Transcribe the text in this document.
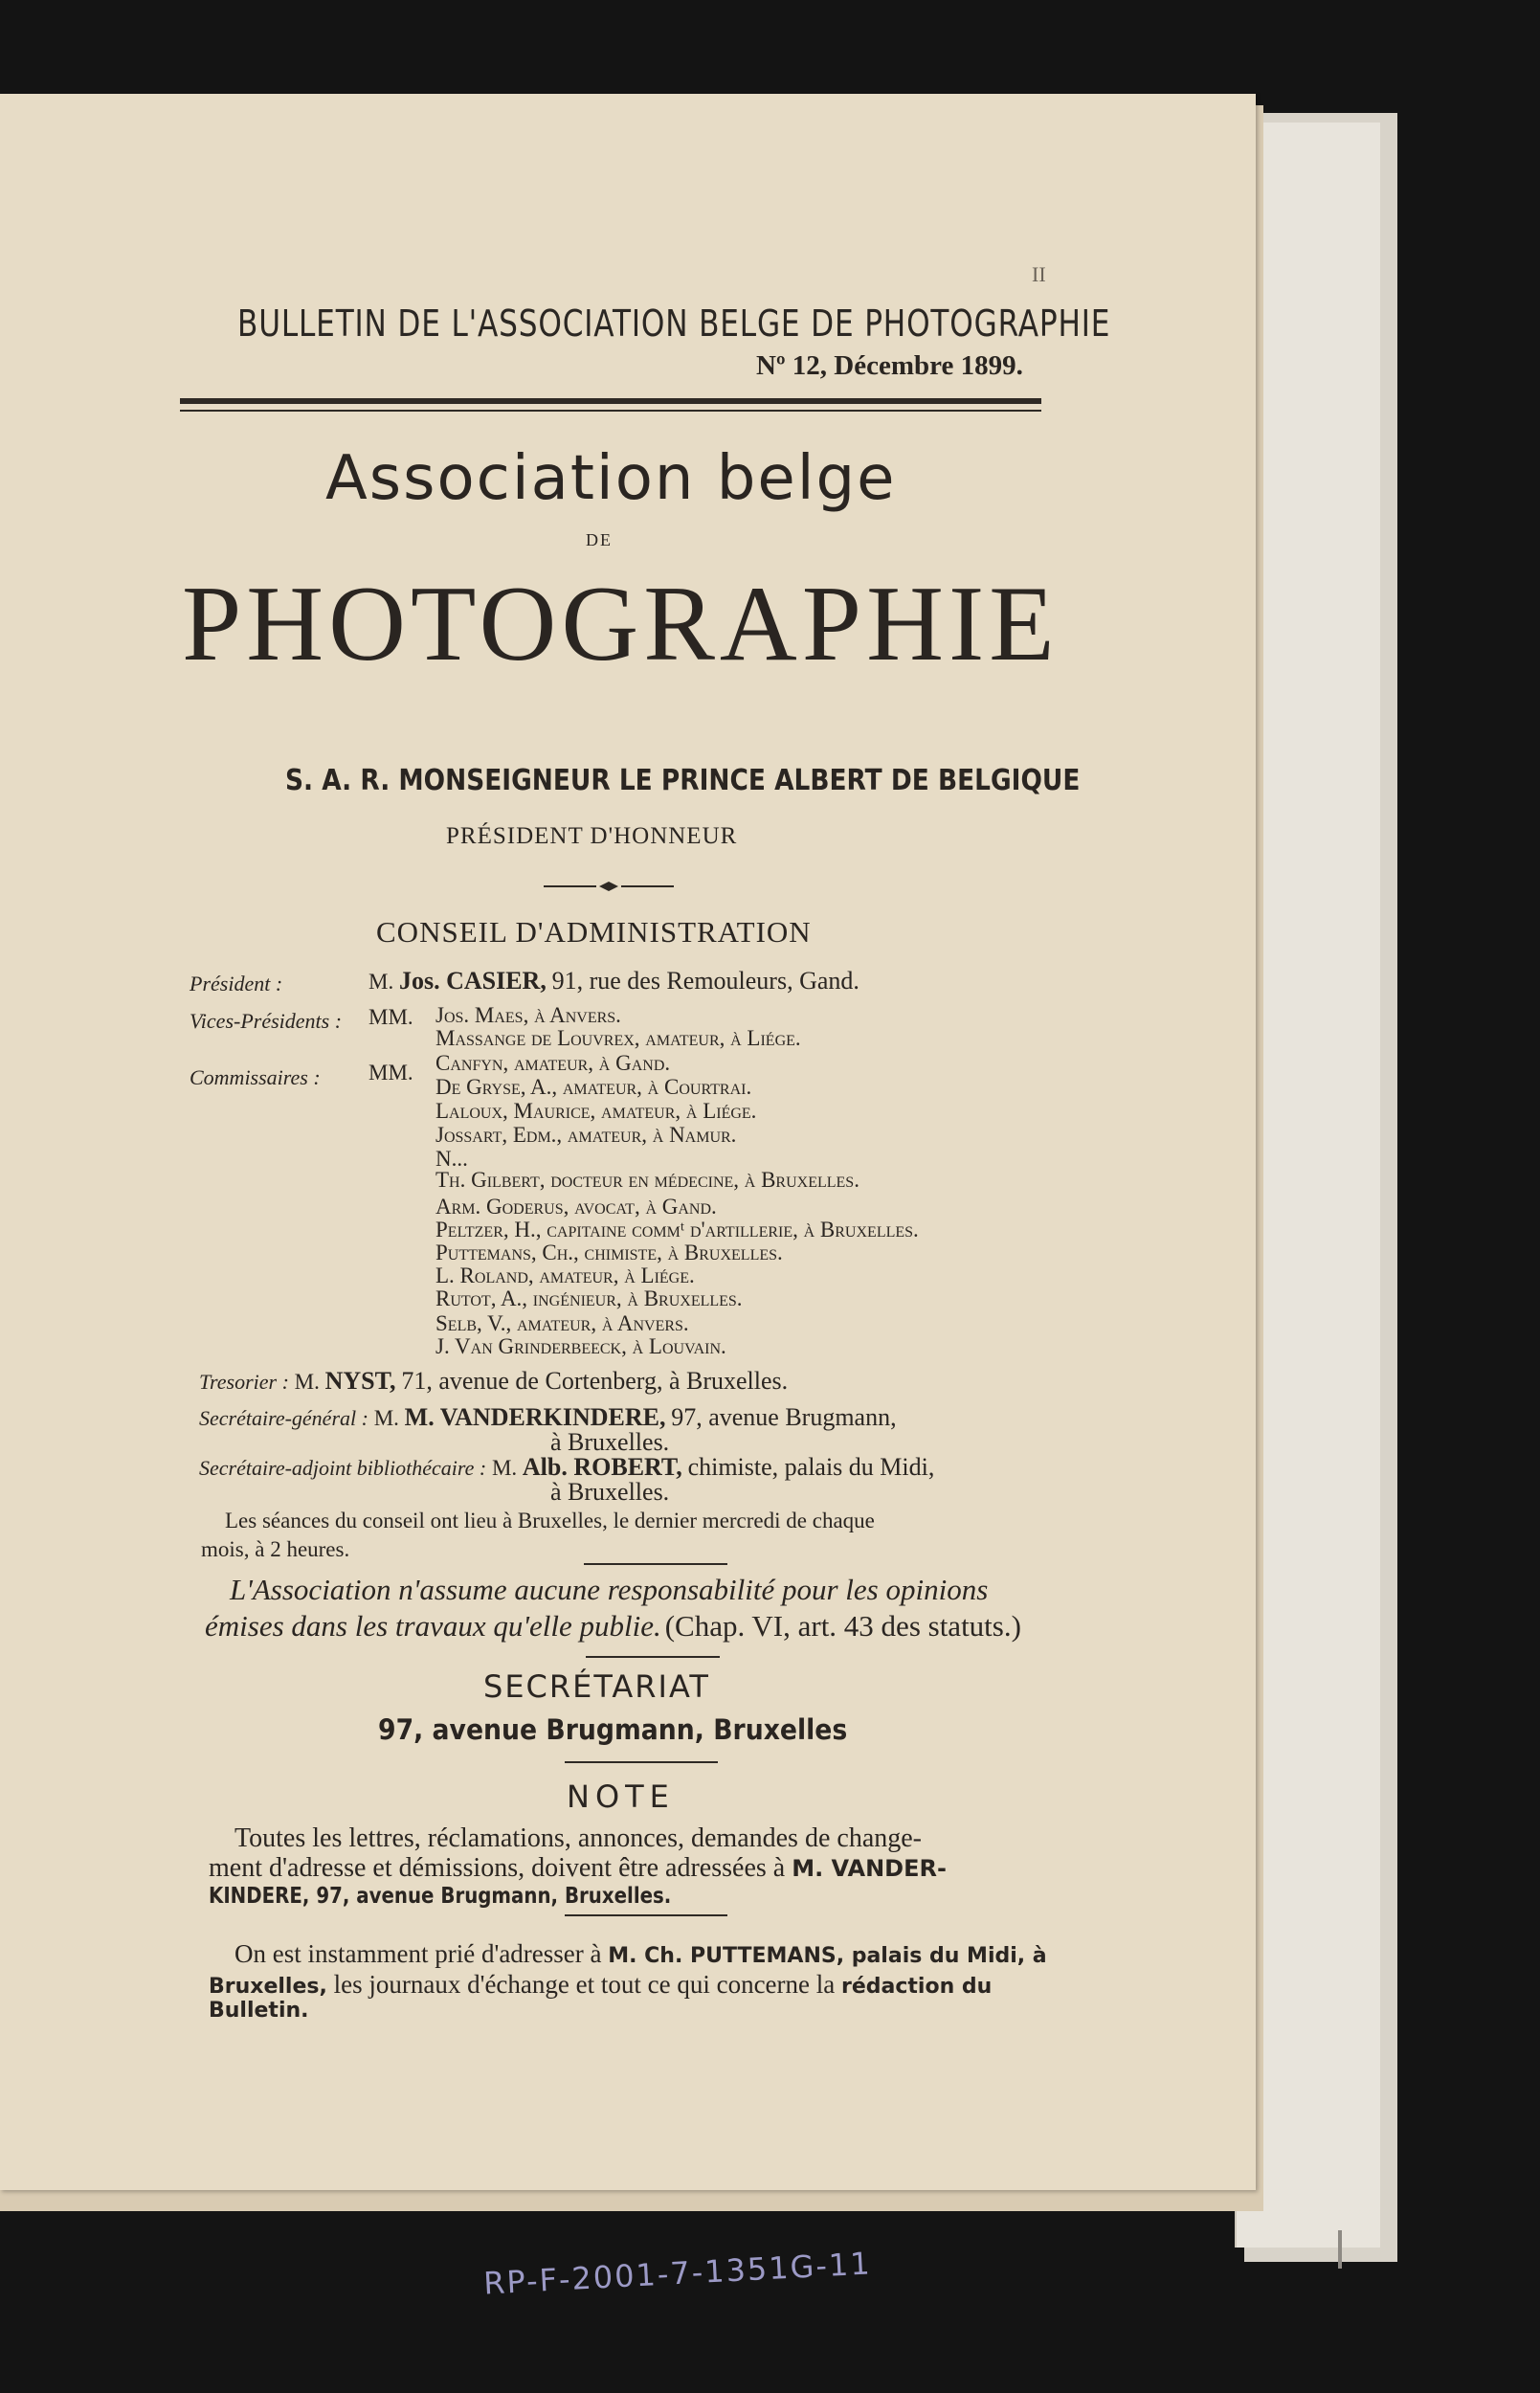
II
BULLETIN DE L'ASSOCIATION BELGE DE PHOTOGRAPHIE
Nº 12, Décembre 1899.
Association belge
DE
PHOTOGRAPHIE
S. A. R. MONSEIGNEUR LE PRINCE ALBERT DE BELGIQUE
PRÉSIDENT D'HONNEUR
CONSEIL D'ADMINISTRATION
Président :	M. Jos. CASIER, 91, rue des Remouleurs, Gand.
Vices-Présidents : MM. Jos. Maes, à Anvers.
Massange de Louvrex, amateur, à Liége.
Commissaires : MM. Canfyn, amateur, à Gand.
De Gryse, A., amateur, à Courtrai.
Laloux, Maurice, amateur, à Liége.
Jossart, Edm., amateur, à Namur.
N...
Th. Gilbert, docteur en médecine, à Bruxelles.
Arm. Goderus, avocat, à Gand.
Peltzer, H., capitaine commᵗ d'artillerie, à Bruxelles.
Puttemans, Ch., chimiste, à Bruxelles.
L. Roland, amateur, à Liége.
Rutot, A., ingénieur, à Bruxelles.
Selb, V., amateur, à Anvers.
J. Van Grinderbeeck, à Louvain.
Tresorier : M. NYST, 71, avenue de Cortenberg, à Bruxelles.
Secrétaire-général : M. M. VANDERKINDERE, 97, avenue Brugmann,
à Bruxelles.
Secrétaire-adjoint bibliothécaire : M. Alb. ROBERT, chimiste, palais du Midi,
à Bruxelles.
Les séances du conseil ont lieu à Bruxelles, le dernier mercredi de chaque
mois, à 2 heures.
L'Association n'assume aucune responsabilité pour les opinions
émises dans les travaux qu'elle publie. (Chap. VI, art. 43 des statuts.)
SECRÉTARIAT
97, avenue Brugmann, Bruxelles
NOTE
Toutes les lettres, réclamations, annonces, demandes de change-
ment d'adresse et démissions, doivent être adressées à M. VANDER-
KINDERE, 97, avenue Brugmann, Bruxelles.
On est instamment prié d'adresser à M. Ch. PUTTEMANS, palais du Midi, à
Bruxelles, les journaux d'échange et tout ce qui concerne la rédaction du
Bulletin.
RP-F-2001-7-1351G-11
